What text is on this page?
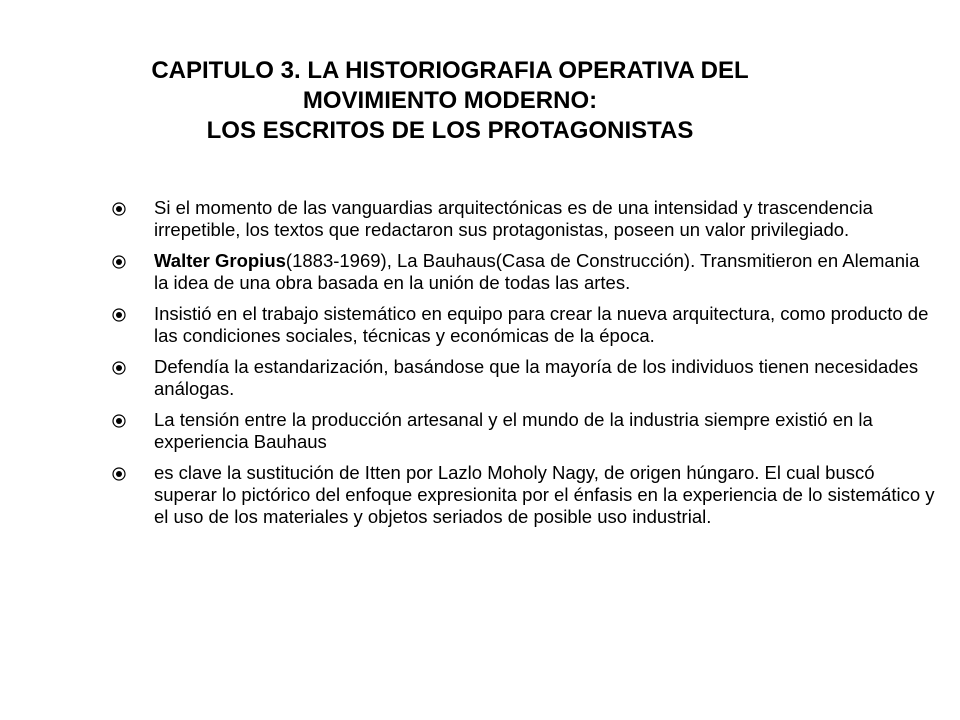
CAPITULO 3. LA HISTORIOGRAFIA OPERATIVA DEL
MOVIMIENTO MODERNO:
LOS ESCRITOS DE LOS PROTAGONISTAS
Si el momento de las vanguardias arquitectónicas es de una intensidad y trascendencia irrepetible, los textos que redactaron sus protagonistas, poseen un valor privilegiado.
Walter Gropius(1883-1969), La Bauhaus(Casa de Construcción). Transmitieron en Alemania la idea de una obra basada en la unión de todas las artes.
Insistió en el trabajo sistemático en equipo para crear la nueva arquitectura, como producto de las condiciones sociales, técnicas y económicas de la época.
Defendía la estandarización, basándose que la mayoría de los individuos tienen necesidades análogas.
La tensión entre la producción artesanal y el mundo de la industria siempre existió en la experiencia Bauhaus
es clave la sustitución de Itten por Lazlo Moholy Nagy, de origen húngaro. El cual buscó superar lo pictórico del enfoque expresionita por el énfasis en la experiencia de lo sistemático y el uso de los materiales y objetos seriados de posible uso industrial.
